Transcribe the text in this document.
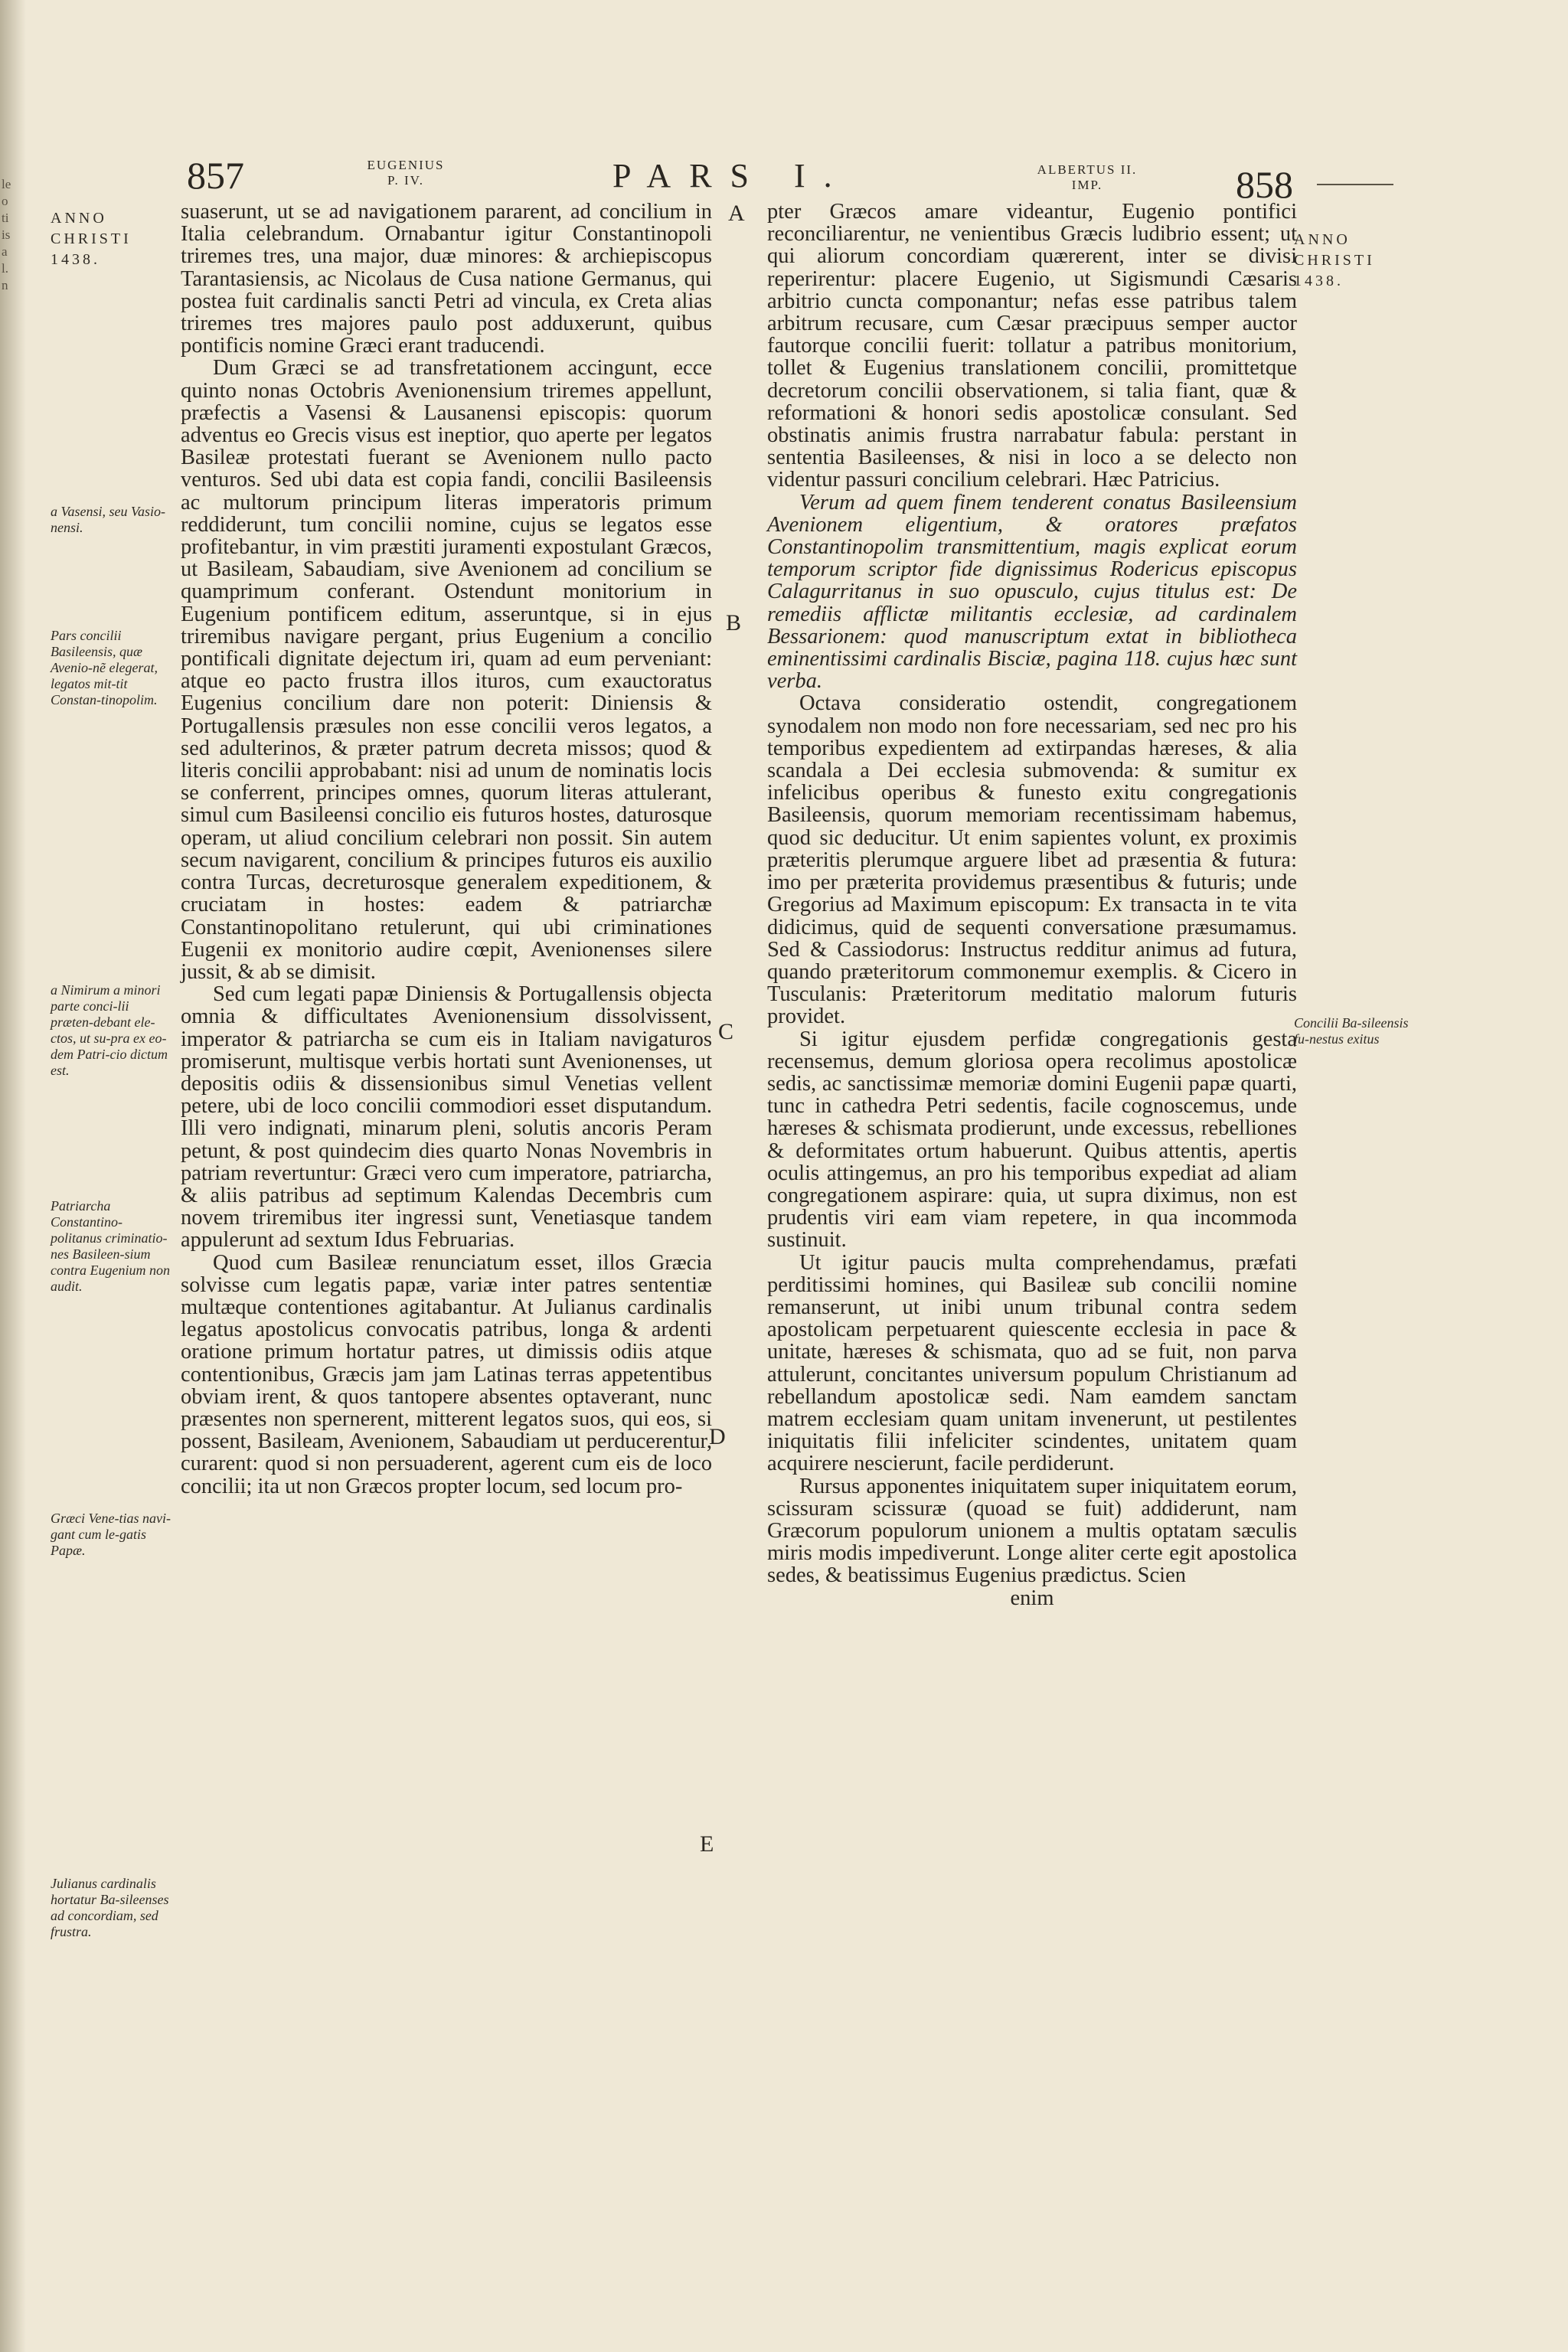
le
o
ti
is
a
l.
n
857	EUGENIUS
P. IV.	PARS I.	ALBERTUS II.
IMP.	858
ANNO CHRISTI 1438.
a Vasensi, seu Vasio-nensi.
Pars concilii Basileensis, quæ Avenio-nẽ elegerat, legatos mit-tit Constan-tinopolim.
a Nimirum a minori parte conci-lii præten-debant ele-ctos, ut su-pra ex eo-dem Patri-cio dictum est.
Patriarcha Constantino-politanus criminatio-nes Basileen-sium contra Eugenium non audit.
Græci Vene-tias navi-gant cum le-gatis Papæ.
Julianus cardinalis hortatur Ba-sileenses ad concordiam, sed frustra.
ANNO CHRISTI 1438.
Concilii Ba-sileensis fu-nestus exitus
A
B
C
D
E

suaserunt, ut se ad navigationem pararent, ad concilium in Italia celebrandum. Ornabantur igitur Constantinopoli triremes tres, una major, duæ minores: & archiepiscopus Tarantasiensis, ac Nicolaus de Cusa natione Germanus, qui postea fuit cardinalis sancti Petri ad vincula, ex Creta alias triremes tres majores paulo post adduxerunt, quibus pontificis nomine Græci erant traducendi.

Dum Græci se ad transfretationem accingunt, ecce quinto nonas Octobris Avenionensium triremes appellunt, præfectis a Vasensi & Lausanensi episcopis: quorum adventus eo Grecis visus est ineptior, quo aperte per legatos Basileæ protestati fuerant se Avenionem nullo pacto venturos. Sed ubi data est copia fandi, concilii Basileensis ac multorum principum literas imperatoris primum reddiderunt, tum concilii nomine, cujus se legatos esse profitebantur, in vim præstiti juramenti expostulant Græcos, ut Basileam, Sabaudiam, sive Avenionem ad concilium se quamprimum conferant. Ostendunt monitorium in Eugenium pontificem editum, asseruntque, si in ejus triremibus navigare pergant, prius Eugenium a concilio pontificali dignitate dejectum iri, quam ad eum perveniant: atque eo pacto frustra illos ituros, cum exauctoratus Eugenius concilium dare non poterit: Diniensis & Portugallensis præsules non esse concilii veros legatos, a sed adulterinos, & præter patrum decreta missos; quod & literis concilii approbabant: nisi ad unum de nominatis locis se conferrent, principes omnes, quorum literas attulerant, simul cum Basileensi concilio eis futuros hostes, daturosque operam, ut aliud concilium celebrari non possit. Sin autem secum navigarent, concilium & principes futuros eis auxilio contra Turcas, decreturosque generalem expeditionem, & cruciatam in hostes: eadem & patriarchæ Constantinopolitano retulerunt, qui ubi criminationes Eugenii ex monitorio audire cœpit, Avenionenses silere jussit, & ab se dimisit.

Sed cum legati papæ Diniensis & Portugallensis objecta omnia & difficultates Avenionensium dissolvissent, imperator & patriarcha se cum eis in Italiam navigaturos promiserunt, multisque verbis hortati sunt Avenionenses, ut depositis odiis & dissensionibus simul Venetias vellent petere, ubi de loco concilii commodiori esset disputandum. Illi vero indignati, minarum pleni, solutis ancoris Peram petunt, & post quindecim dies quarto Nonas Novembris in patriam revertuntur: Græci vero cum imperatore, patriarcha, & aliis patribus ad septimum Kalendas Decembris cum novem triremibus iter ingressi sunt, Venetiasque tandem appulerunt ad sextum Idus Februarias.

Quod cum Basileæ renunciatum esset, illos Græcia solvisse cum legatis papæ, variæ inter patres sententiæ multæque contentiones agitabantur. At Julianus cardinalis legatus apostolicus convocatis patribus, longa & ardenti oratione primum hortatur patres, ut dimissis odiis atque contentionibus, Græcis jam jam Latinas terras appetentibus obviam irent, & quos tantopere absentes optaverant, nunc præsentes non spernerent, mitterent legatos suos, qui eos, si possent, Basileam, Avenionem, Sabaudiam ut perducerentur, curarent: quod si non persuaderent, agerent cum eis de loco concilii; ita ut non Græcos propter locum, sed locum pro-

pter Græcos amare videantur, Eugenio pontifici reconciliarentur, ne venientibus Græcis ludibrio essent; ut qui aliorum concordiam quærerent, inter se divisi reperirentur: placere Eugenio, ut Sigismundi Cæsaris arbitrio cuncta componantur; nefas esse patribus talem arbitrum recusare, cum Cæsar præcipuus semper auctor fautorque concilii fuerit: tollatur a patribus monitorium, tollet & Eugenius translationem concilii, promittetque decretorum concilii observationem, si talia fiant, quæ & reformationi & honori sedis apostolicæ consulant. Sed obstinatis animis frustra narrabatur fabula: perstant in sententia Basileenses, & nisi in loco a se delecto non videntur passuri concilium celebrari. Hæc Patricius.

Verum ad quem finem tenderent conatus Basileensium Avenionem eligentium, & oratores præfatos Constantinopolim transmittentium, magis explicat eorum temporum scriptor fide dignissimus Rodericus episcopus Calagurritanus in suo opusculo, cujus titulus est: De remediis afflictæ militantis ecclesiæ, ad cardinalem Bessarionem: quod manuscriptum extat in bibliotheca eminentissimi cardinalis Bisciæ, pagina 118. cujus hæc sunt verba.

Octava consideratio ostendit, congregationem synodalem non modo non fore necessariam, sed nec pro his temporibus expedientem ad extirpandas hæreses, & alia scandala a Dei ecclesia submovenda: & sumitur ex infelicibus operibus & funesto exitu congregationis Basileensis, quorum memoriam recentissimam habemus, quod sic deducitur. Ut enim sapientes volunt, ex proximis præteritis plerumque arguere libet ad præsentia & futura: imo per præterita providemus præsentibus & futuris; unde Gregorius ad Maximum episcopum: Ex transacta in te vita didicimus, quid de sequenti conversatione præsumamus. Sed & Cassiodorus: Instructus redditur animus ad futura, quando præteritorum commonemur exemplis. & Cicero in Tusculanis: Præteritorum meditatio malorum futuris providet.

Si igitur ejusdem perfidæ congregationis gesta recensemus, demum gloriosa opera recolimus apostolicæ sedis, ac sanctissimæ memoriæ domini Eugenii papæ quarti, tunc in cathedra Petri sedentis, facile cognoscemus, unde hæreses & schismata prodierunt, unde excessus, rebelliones & deformitates ortum habuerunt. Quibus attentis, apertis oculis attingemus, an pro his temporibus expediat ad aliam congregationem aspirare: quia, ut supra diximus, non est prudentis viri eam viam repetere, in qua incommoda sustinuit.

Ut igitur paucis multa comprehendamus, præfati perditissimi homines, qui Basileæ sub concilii nomine remanserunt, ut inibi unum tribunal contra sedem apostolicam perpetuarent quiescente ecclesia in pace & unitate, hæreses & schismata, quo ad se fuit, non parva attulerunt, concitantes universum populum Christianum ad rebellandum apostolicæ sedi. Nam eamdem sanctam matrem ecclesiam quam unitam invenerunt, ut pestilentes iniquitatis filii infeliciter scindentes, unitatem quam acquirere nescierunt, facile perdiderunt.

Rursus apponentes iniquitatem super iniquitatem eorum, scissuram scissuræ (quoad se fuit) addiderunt, nam Græcorum populorum unionem a multis optatam sæculis miris modis impediverunt. Longe aliter certe egit apostolica sedes, & beatissimus Eugenius prædictus. Scien

enim
